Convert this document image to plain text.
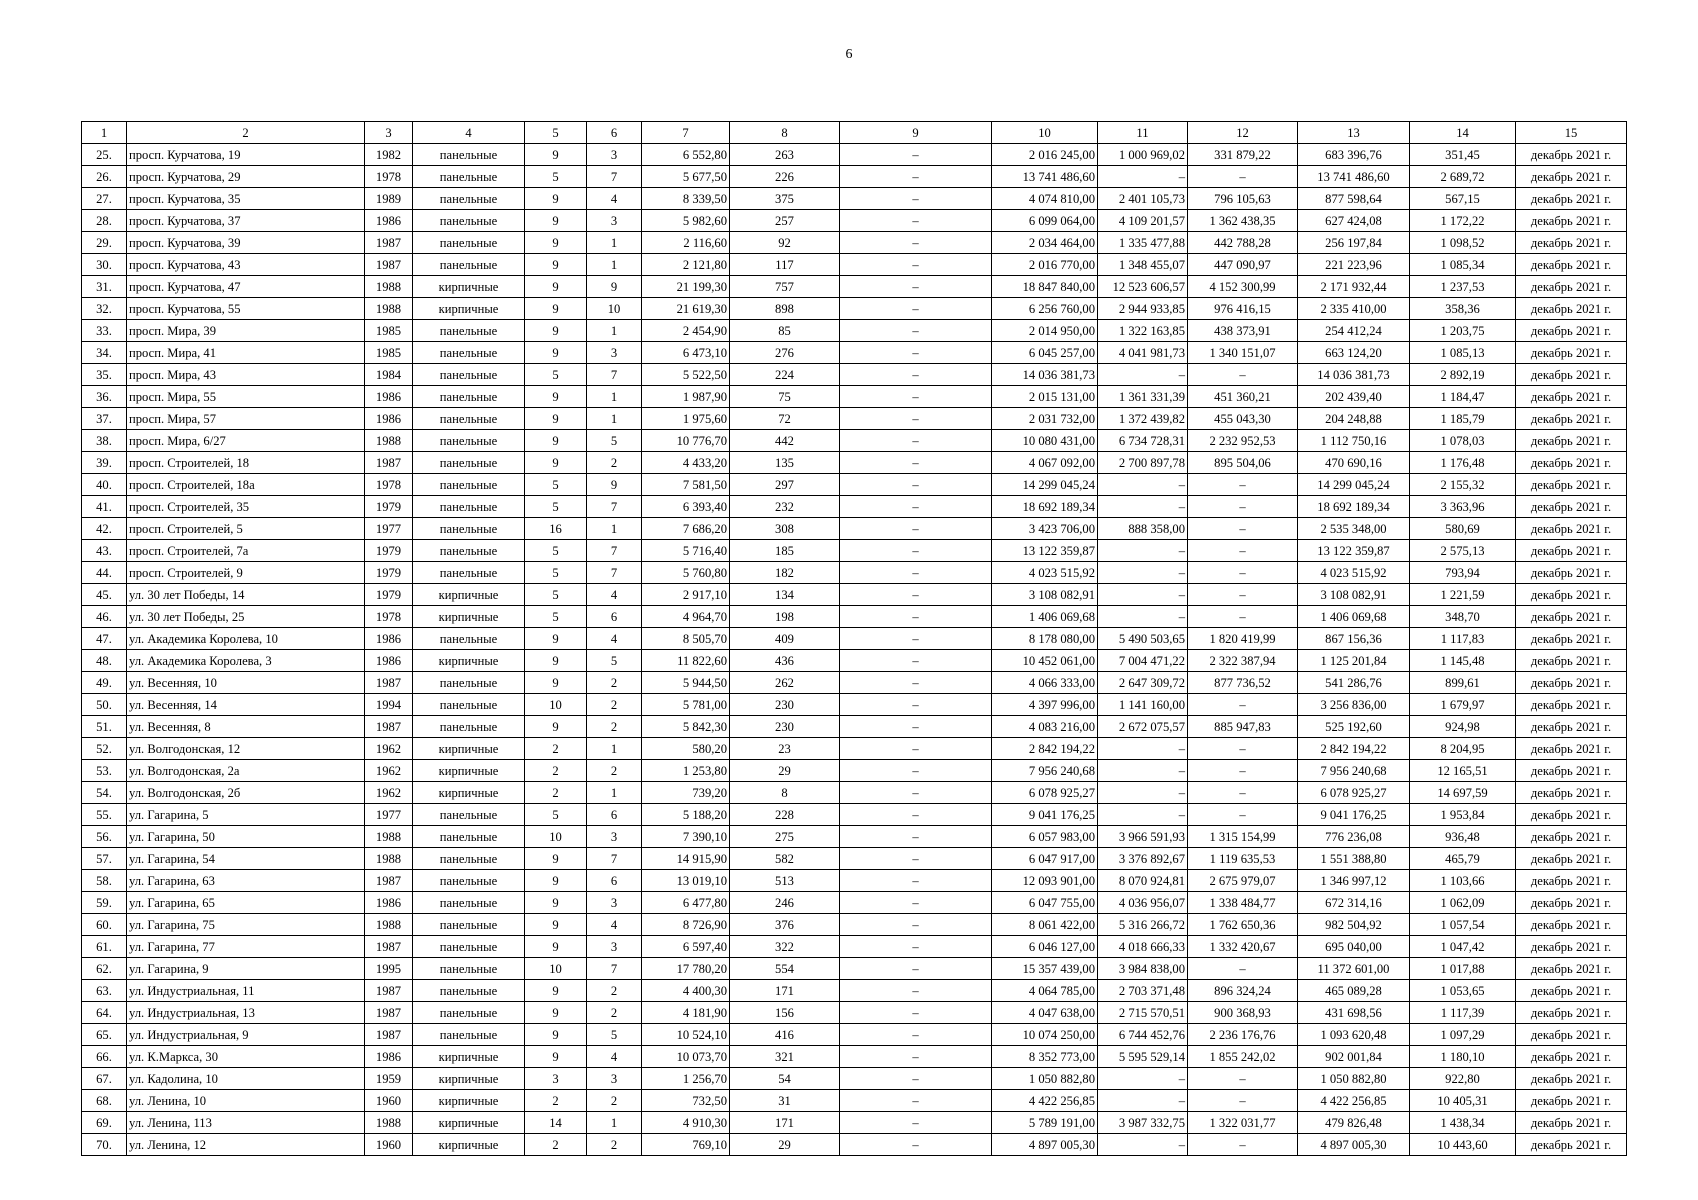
6
1	2	3	4	5	6	7	8	9	10	11	12	13	14	15
25.	просп. Курчатова, 19	1982	панельные	9	3	6 552,80	263	–	2 016 245,00	1 000 969,02	331 879,22	683 396,76	351,45	декабрь 2021 г.
26.	просп. Курчатова, 29	1978	панельные	5	7	5 677,50	226	–	13 741 486,60	–	–	13 741 486,60	2 689,72	декабрь 2021 г.
27.	просп. Курчатова, 35	1989	панельные	9	4	8 339,50	375	–	4 074 810,00	2 401 105,73	796 105,63	877 598,64	567,15	декабрь 2021 г.
28.	просп. Курчатова, 37	1986	панельные	9	3	5 982,60	257	–	6 099 064,00	4 109 201,57	1 362 438,35	627 424,08	1 172,22	декабрь 2021 г.
29.	просп. Курчатова, 39	1987	панельные	9	1	2 116,60	92	–	2 034 464,00	1 335 477,88	442 788,28	256 197,84	1 098,52	декабрь 2021 г.
30.	просп. Курчатова, 43	1987	панельные	9	1	2 121,80	117	–	2 016 770,00	1 348 455,07	447 090,97	221 223,96	1 085,34	декабрь 2021 г.
31.	просп. Курчатова, 47	1988	кирпичные	9	9	21 199,30	757	–	18 847 840,00	12 523 606,57	4 152 300,99	2 171 932,44	1 237,53	декабрь 2021 г.
32.	просп. Курчатова, 55	1988	кирпичные	9	10	21 619,30	898	–	6 256 760,00	2 944 933,85	976 416,15	2 335 410,00	358,36	декабрь 2021 г.
33.	просп. Мира, 39	1985	панельные	9	1	2 454,90	85	–	2 014 950,00	1 322 163,85	438 373,91	254 412,24	1 203,75	декабрь 2021 г.
34.	просп. Мира, 41	1985	панельные	9	3	6 473,10	276	–	6 045 257,00	4 041 981,73	1 340 151,07	663 124,20	1 085,13	декабрь 2021 г.
35.	просп. Мира, 43	1984	панельные	5	7	5 522,50	224	–	14 036 381,73	–	–	14 036 381,73	2 892,19	декабрь 2021 г.
36.	просп. Мира, 55	1986	панельные	9	1	1 987,90	75	–	2 015 131,00	1 361 331,39	451 360,21	202 439,40	1 184,47	декабрь 2021 г.
37.	просп. Мира, 57	1986	панельные	9	1	1 975,60	72	–	2 031 732,00	1 372 439,82	455 043,30	204 248,88	1 185,79	декабрь 2021 г.
38.	просп. Мира, 6/27	1988	панельные	9	5	10 776,70	442	–	10 080 431,00	6 734 728,31	2 232 952,53	1 112 750,16	1 078,03	декабрь 2021 г.
39.	просп. Строителей, 18	1987	панельные	9	2	4 433,20	135	–	4 067 092,00	2 700 897,78	895 504,06	470 690,16	1 176,48	декабрь 2021 г.
40.	просп. Строителей, 18а	1978	панельные	5	9	7 581,50	297	–	14 299 045,24	–	–	14 299 045,24	2 155,32	декабрь 2021 г.
41.	просп. Строителей, 35	1979	панельные	5	7	6 393,40	232	–	18 692 189,34	–	–	18 692 189,34	3 363,96	декабрь 2021 г.
42.	просп. Строителей, 5	1977	панельные	16	1	7 686,20	308	–	3 423 706,00	888 358,00	–	2 535 348,00	580,69	декабрь 2021 г.
43.	просп. Строителей, 7а	1979	панельные	5	7	5 716,40	185	–	13 122 359,87	–	–	13 122 359,87	2 575,13	декабрь 2021 г.
44.	просп. Строителей, 9	1979	панельные	5	7	5 760,80	182	–	4 023 515,92	–	–	4 023 515,92	793,94	декабрь 2021 г.
45.	ул. 30 лет Победы, 14	1979	кирпичные	5	4	2 917,10	134	–	3 108 082,91	–	–	3 108 082,91	1 221,59	декабрь 2021 г.
46.	ул. 30 лет Победы, 25	1978	кирпичные	5	6	4 964,70	198	–	1 406 069,68	–	–	1 406 069,68	348,70	декабрь 2021 г.
47.	ул. Академика Королева, 10	1986	панельные	9	4	8 505,70	409	–	8 178 080,00	5 490 503,65	1 820 419,99	867 156,36	1 117,83	декабрь 2021 г.
48.	ул. Академика Королева, 3	1986	кирпичные	9	5	11 822,60	436	–	10 452 061,00	7 004 471,22	2 322 387,94	1 125 201,84	1 145,48	декабрь 2021 г.
49.	ул. Весенняя, 10	1987	панельные	9	2	5 944,50	262	–	4 066 333,00	2 647 309,72	877 736,52	541 286,76	899,61	декабрь 2021 г.
50.	ул. Весенняя, 14	1994	панельные	10	2	5 781,00	230	–	4 397 996,00	1 141 160,00	–	3 256 836,00	1 679,97	декабрь 2021 г.
51.	ул. Весенняя, 8	1987	панельные	9	2	5 842,30	230	–	4 083 216,00	2 672 075,57	885 947,83	525 192,60	924,98	декабрь 2021 г.
52.	ул. Волгодонская, 12	1962	кирпичные	2	1	580,20	23	–	2 842 194,22	–	–	2 842 194,22	8 204,95	декабрь 2021 г.
53.	ул. Волгодонская, 2а	1962	кирпичные	2	2	1 253,80	29	–	7 956 240,68	–	–	7 956 240,68	12 165,51	декабрь 2021 г.
54.	ул. Волгодонская, 2б	1962	кирпичные	2	1	739,20	8	–	6 078 925,27	–	–	6 078 925,27	14 697,59	декабрь 2021 г.
55.	ул. Гагарина, 5	1977	панельные	5	6	5 188,20	228	–	9 041 176,25	–	–	9 041 176,25	1 953,84	декабрь 2021 г.
56.	ул. Гагарина, 50	1988	панельные	10	3	7 390,10	275	–	6 057 983,00	3 966 591,93	1 315 154,99	776 236,08	936,48	декабрь 2021 г.
57.	ул. Гагарина, 54	1988	панельные	9	7	14 915,90	582	–	6 047 917,00	3 376 892,67	1 119 635,53	1 551 388,80	465,79	декабрь 2021 г.
58.	ул. Гагарина, 63	1987	панельные	9	6	13 019,10	513	–	12 093 901,00	8 070 924,81	2 675 979,07	1 346 997,12	1 103,66	декабрь 2021 г.
59.	ул. Гагарина, 65	1986	панельные	9	3	6 477,80	246	–	6 047 755,00	4 036 956,07	1 338 484,77	672 314,16	1 062,09	декабрь 2021 г.
60.	ул. Гагарина, 75	1988	панельные	9	4	8 726,90	376	–	8 061 422,00	5 316 266,72	1 762 650,36	982 504,92	1 057,54	декабрь 2021 г.
61.	ул. Гагарина, 77	1987	панельные	9	3	6 597,40	322	–	6 046 127,00	4 018 666,33	1 332 420,67	695 040,00	1 047,42	декабрь 2021 г.
62.	ул. Гагарина, 9	1995	панельные	10	7	17 780,20	554	–	15 357 439,00	3 984 838,00	–	11 372 601,00	1 017,88	декабрь 2021 г.
63.	ул. Индустриальная, 11	1987	панельные	9	2	4 400,30	171	–	4 064 785,00	2 703 371,48	896 324,24	465 089,28	1 053,65	декабрь 2021 г.
64.	ул. Индустриальная, 13	1987	панельные	9	2	4 181,90	156	–	4 047 638,00	2 715 570,51	900 368,93	431 698,56	1 117,39	декабрь 2021 г.
65.	ул. Индустриальная, 9	1987	панельные	9	5	10 524,10	416	–	10 074 250,00	6 744 452,76	2 236 176,76	1 093 620,48	1 097,29	декабрь 2021 г.
66.	ул. К.Маркса, 30	1986	кирпичные	9	4	10 073,70	321	–	8 352 773,00	5 595 529,14	1 855 242,02	902 001,84	1 180,10	декабрь 2021 г.
67.	ул. Кадолина, 10	1959	кирпичные	3	3	1 256,70	54	–	1 050 882,80	–	–	1 050 882,80	922,80	декабрь 2021 г.
68.	ул. Ленина, 10	1960	кирпичные	2	2	732,50	31	–	4 422 256,85	–	–	4 422 256,85	10 405,31	декабрь 2021 г.
69.	ул. Ленина, 113	1988	кирпичные	14	1	4 910,30	171	–	5 789 191,00	3 987 332,75	1 322 031,77	479 826,48	1 438,34	декабрь 2021 г.
70.	ул. Ленина, 12	1960	кирпичные	2	2	769,10	29	–	4 897 005,30	–	–	4 897 005,30	10 443,60	декабрь 2021 г.
